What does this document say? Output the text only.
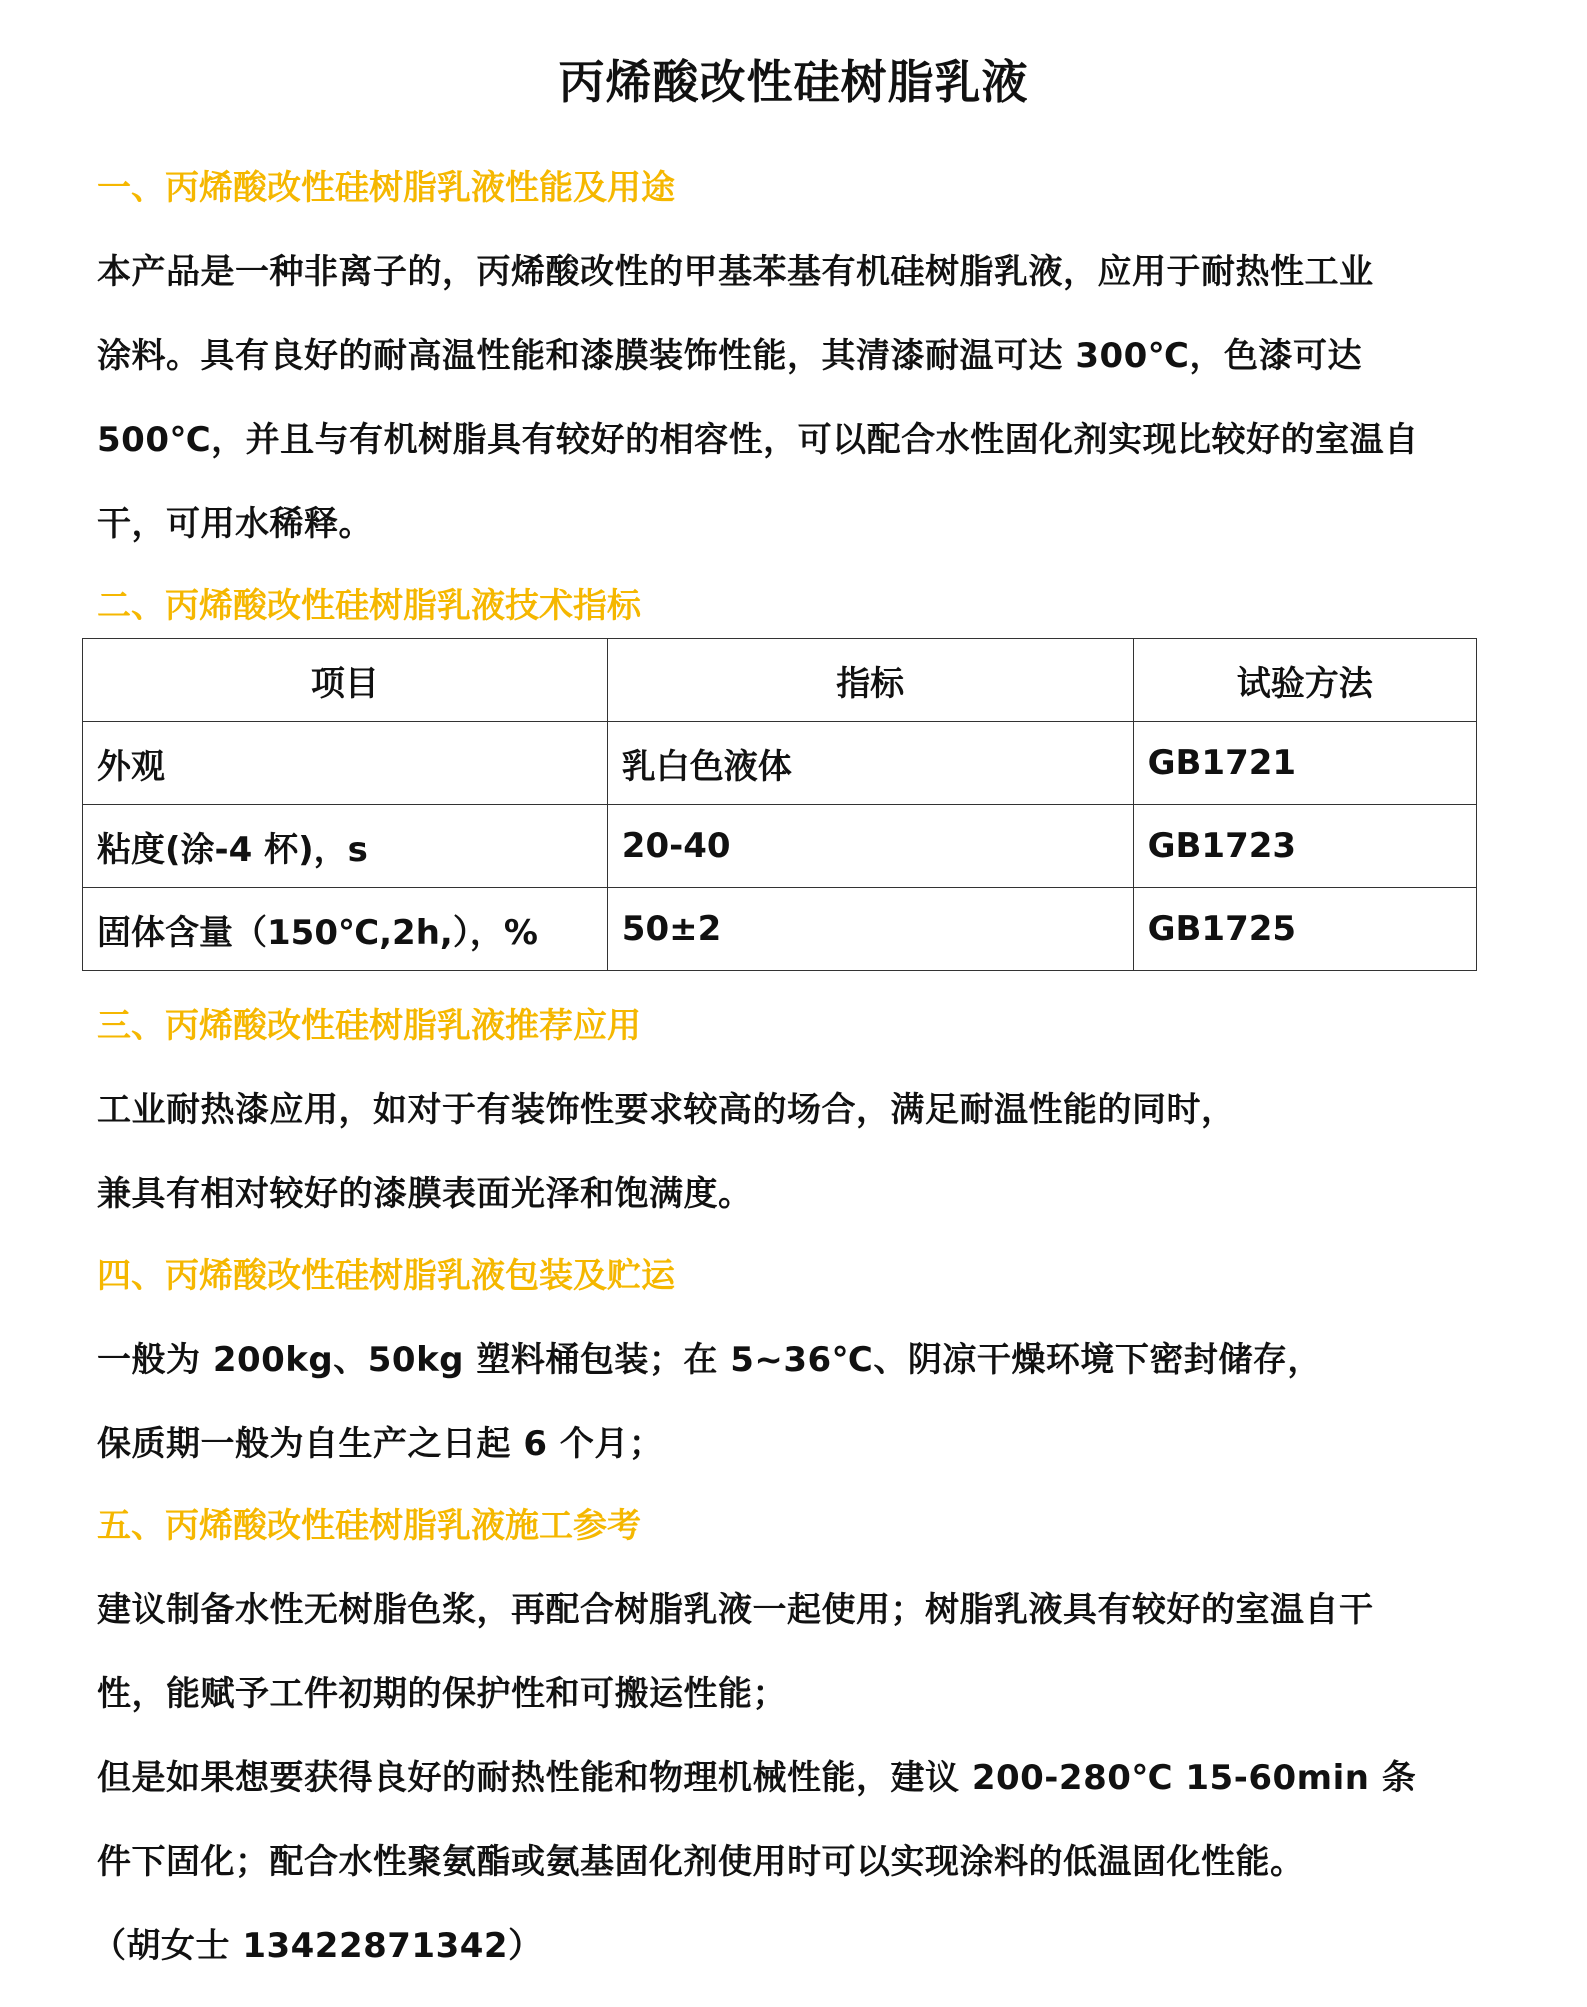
丙烯酸改性硅树脂乳液
一、丙烯酸改性硅树脂乳液性能及用途
本产品是一种非离子的，丙烯酸改性的甲基苯基有机硅树脂乳液，应用于耐热性工业
涂料。具有良好的耐高温性能和漆膜装饰性能，其清漆耐温可达 300℃，色漆可达
500℃，并且与有机树脂具有较好的相容性，可以配合水性固化剂实现比较好的室温自
干，可用水稀释。
二、丙烯酸改性硅树脂乳液技术指标
项目	指标	试验方法
外观	乳白色液体	GB1721
粘度(涂-4 杯)，s	20-40	GB1723
固体含量（150℃,2h,），%	50±2	GB1725
三、丙烯酸改性硅树脂乳液推荐应用
工业耐热漆应用，如对于有装饰性要求较高的场合，满足耐温性能的同时，
兼具有相对较好的漆膜表面光泽和饱满度。
四、丙烯酸改性硅树脂乳液包装及贮运
一般为 200kg、50kg 塑料桶包装；在 5~36℃、阴凉干燥环境下密封储存，
保质期一般为自生产之日起 6 个月；
五、丙烯酸改性硅树脂乳液施工参考
建议制备水性无树脂色浆，再配合树脂乳液一起使用；树脂乳液具有较好的室温自干
性，能赋予工件初期的保护性和可搬运性能；
但是如果想要获得良好的耐热性能和物理机械性能，建议 200-280℃ 15-60min 条
件下固化；配合水性聚氨酯或氨基固化剂使用时可以实现涂料的低温固化性能。
（胡女士 13422871342）
